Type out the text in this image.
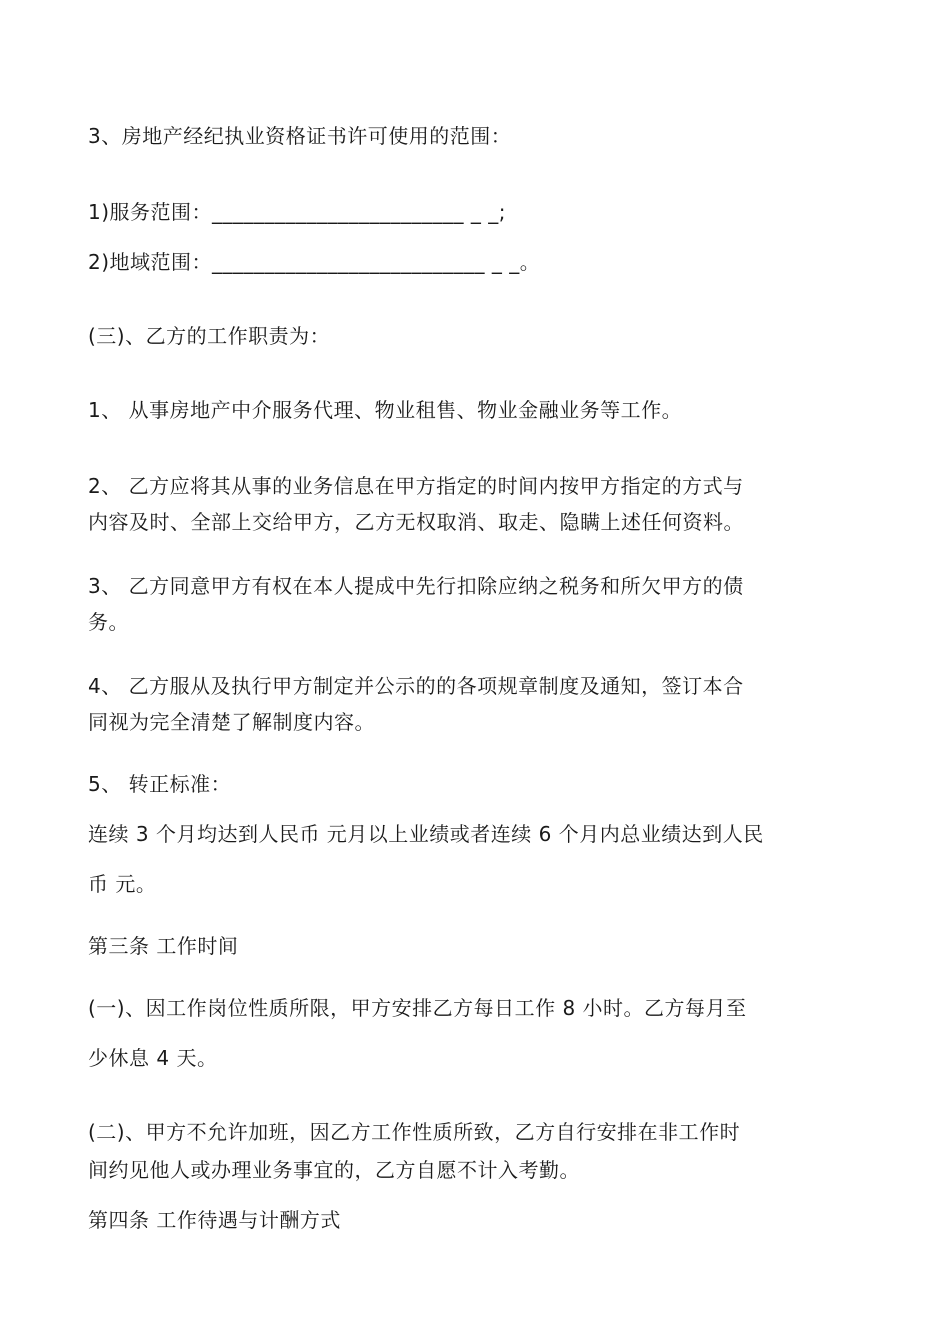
3、房地产经纪执业资格证书许可使用的范围：
1)服务范围：________________________ _ _;
2)地域范围：__________________________ _ _。
(三)、乙方的工作职责为：
1、 从事房地产中介服务代理、物业租售、物业金融业务等工作。
2、 乙方应将其从事的业务信息在甲方指定的时间内按甲方指定的方式与
内容及时、全部上交给甲方，乙方无权取消、取走、隐瞒上述任何资料。
3、 乙方同意甲方有权在本人提成中先行扣除应纳之税务和所欠甲方的债
务。
4、 乙方服从及执行甲方制定并公示的的各项规章制度及通知，签订本合
同视为完全清楚了解制度内容。
5、 转正标准：
连续 3 个月均达到人民币 元月以上业绩或者连续 6 个月内总业绩达到人民
币 元。
第三条 工作时间
(一)、因工作岗位性质所限，甲方安排乙方每日工作 8 小时。乙方每月至
少休息 4 天。
(二)、甲方不允许加班，因乙方工作性质所致，乙方自行安排在非工作时
间约见他人或办理业务事宜的，乙方自愿不计入考勤。
第四条 工作待遇与计酬方式
